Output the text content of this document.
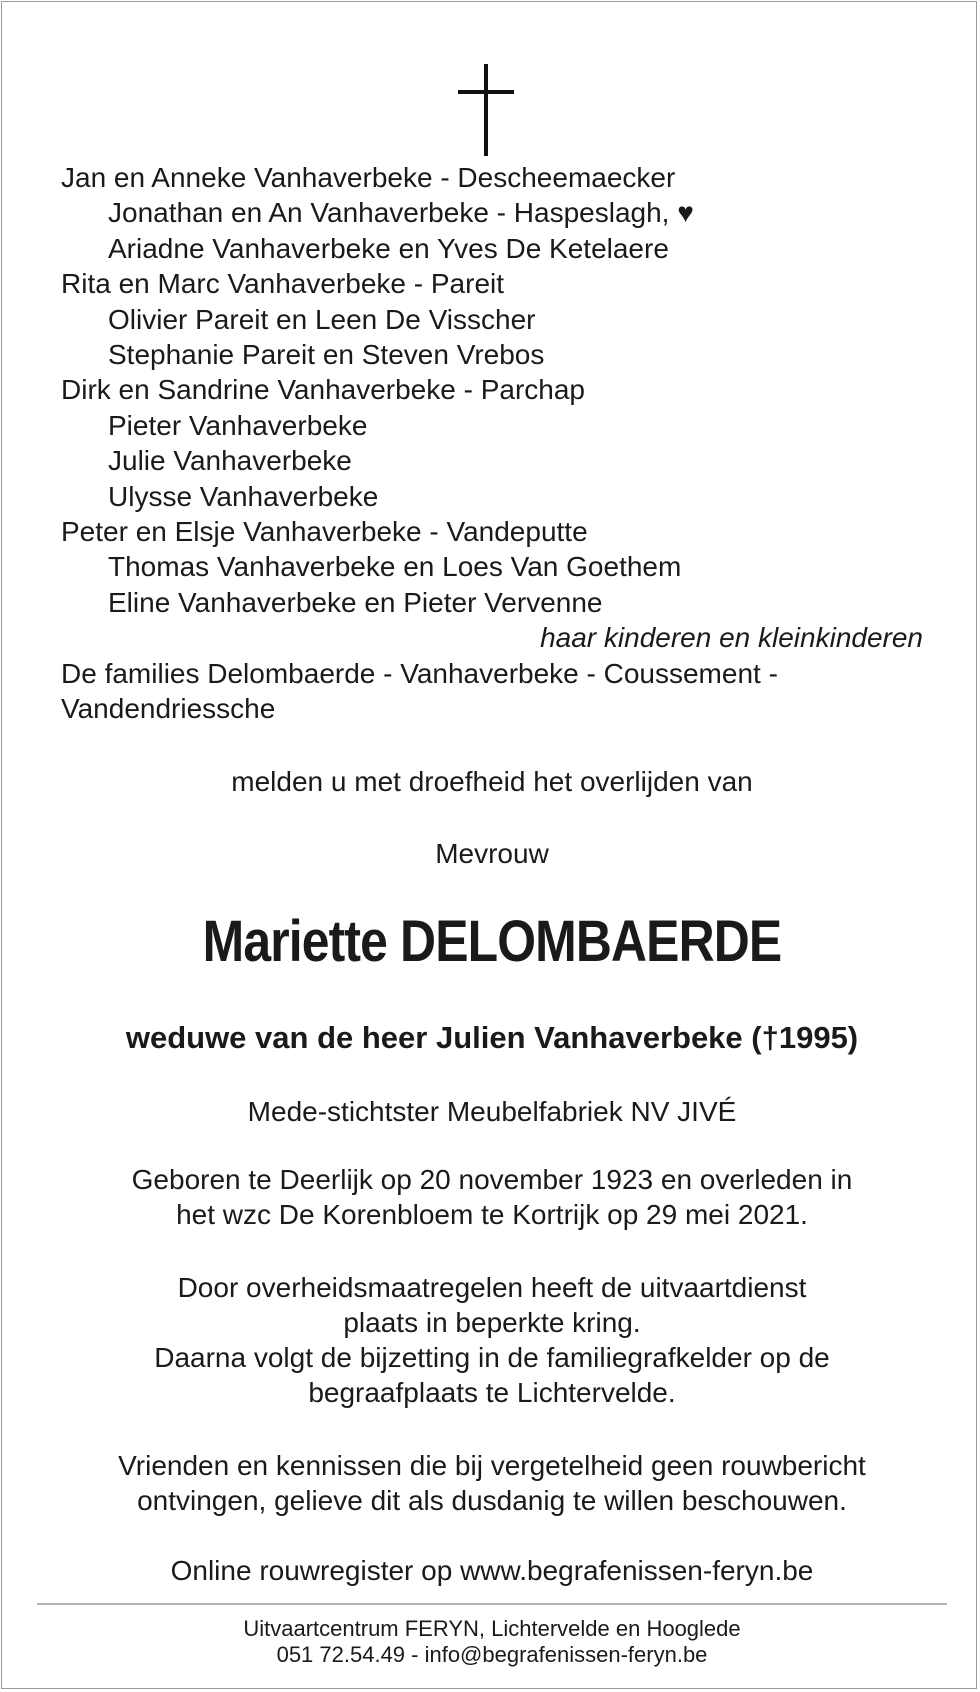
Jan en Anneke Vanhaverbeke - Descheemaecker
Jonathan en An Vanhaverbeke - Haspeslagh, ♥
Ariadne Vanhaverbeke en Yves De Ketelaere
Rita en Marc Vanhaverbeke - Pareit
Olivier Pareit en Leen De Visscher
Stephanie Pareit en Steven Vrebos
Dirk en Sandrine Vanhaverbeke - Parchap
Pieter Vanhaverbeke
Julie Vanhaverbeke
Ulysse Vanhaverbeke
Peter en Elsje Vanhaverbeke - Vandeputte
Thomas Vanhaverbeke en Loes Van Goethem
Eline Vanhaverbeke en Pieter Vervenne
haar kinderen en kleinkinderen
De families Delombaerde - Vanhaverbeke - Coussement -
Vandendriessche
melden u met droefheid het overlijden van
Mevrouw
Mariette DELOMBAERDE
weduwe van de heer Julien Vanhaverbeke (†1995)
Mede-stichtster Meubelfabriek NV JIVÉ
Geboren te Deerlijk op 20 november 1923 en overleden in
het wzc De Korenbloem te Kortrijk op 29 mei 2021.
Door overheidsmaatregelen heeft de uitvaartdienst
plaats in beperkte kring.
Daarna volgt de bijzetting in de familiegrafkelder op de
begraafplaats te Lichtervelde.
Vrienden en kennissen die bij vergetelheid geen rouwbericht
ontvingen, gelieve dit als dusdanig te willen beschouwen.
Online rouwregister op www.begrafenissen-feryn.be
Uitvaartcentrum FERYN, Lichtervelde en Hooglede
051 72.54.49 - info@begrafenissen-feryn.be
